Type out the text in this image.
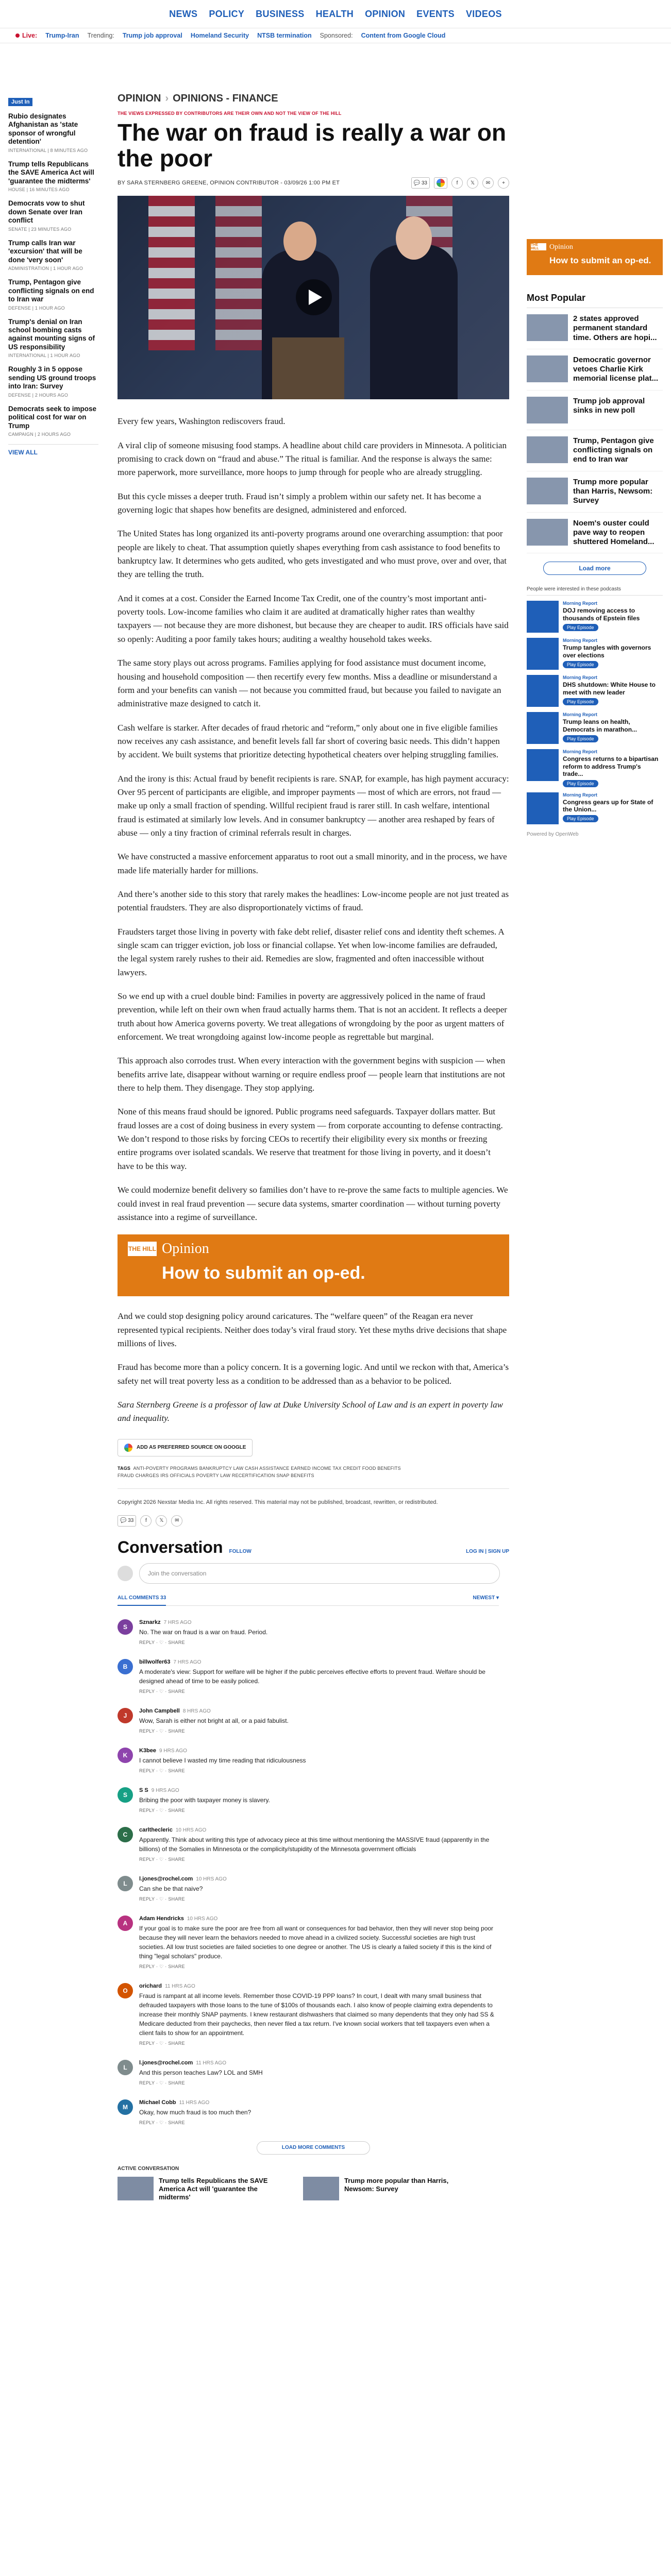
NEWS POLICY BUSINESS HEALTH OPINION EVENTS VIDEOS
Live: Trump-Iran Trending: Trump job approval Homeland Security NTSB termination Sponsored: Content from Google Cloud
Just In
Rubio designates Afghanistan as 'state sponsor of wrongful detention'
INTERNATIONAL | 8 MINUTES AGO
Trump tells Republicans the SAVE America Act will 'guarantee the midterms'
HOUSE | 16 MINUTES AGO
Democrats vow to shut down Senate over Iran conflict
SENATE | 23 MINUTES AGO
Trump calls Iran war 'excursion' that will be done 'very soon'
ADMINISTRATION | 1 HOUR AGO
Trump, Pentagon give conflicting signals on end to Iran war
DEFENSE | 1 HOUR AGO
Trump's denial on Iran school bombing casts against mounting signs of US responsibility
INTERNATIONAL | 1 HOUR AGO
Roughly 3 in 5 oppose sending US ground troops into Iran: Survey
DEFENSE | 2 HOURS AGO
Democrats seek to impose political cost for war on Trump
CAMPAIGN | 2 HOURS AGO
VIEW ALL
OPINION › OPINIONS - FINANCE
THE VIEWS EXPRESSED BY CONTRIBUTORS ARE THEIR OWN AND NOT THE VIEW OF THE HILL
The war on fraud is really a war on the poor
BY SARA STERNBERG GREENE, OPINION CONTRIBUTOR - 03/09/26 1:00 PM ET	💬
33	f 𝕏 ✉ +

Every few years, Washington rediscovers fraud.

A viral clip of someone misusing food stamps. A headline about child care providers in Minnesota. A politician promising to crack down on “fraud and abuse.” The ritual is familiar. And the response is always the same: more paperwork, more surveillance, more hoops to jump through for people who are already struggling.

But this cycle misses a deeper truth. Fraud isn’t simply a problem within our safety net. It has become a governing logic that shapes how benefits are designed, administered and enforced.

The United States has long organized its anti-poverty programs around one overarching assumption: that poor people are likely to cheat. That assumption quietly shapes everything from cash assistance to food benefits to bankruptcy law. It determines who gets audited, who gets investigated and who must prove, over and over, that they are telling the truth.

And it comes at a cost. Consider the Earned Income Tax Credit, one of the country’s most important anti-poverty tools. Low-income families who claim it are audited at dramatically higher rates than wealthy taxpayers — not because they are more dishonest, but because they are cheaper to audit. IRS officials have said so openly: Auditing a poor family takes hours; auditing a wealthy household takes weeks.

The same story plays out across programs. Families applying for food assistance must document income, housing and household composition — then recertify every few months. Miss a deadline or misunderstand a form and your benefits can vanish — not because you committed fraud, but because you failed to navigate an administrative maze designed to catch it.

Cash welfare is starker. After decades of fraud rhetoric and “reform,” only about one in five eligible families now receives any cash assistance, and benefit levels fall far short of covering basic needs. This didn’t happen by accident. We built systems that prioritize detecting hypothetical cheaters over helping struggling families.

And the irony is this: Actual fraud by benefit recipients is rare. SNAP, for example, has high payment accuracy: Over 95 percent of participants are eligible, and improper payments — most of which are errors, not fraud — make up only a small fraction of spending. Willful recipient fraud is rarer still. In cash welfare, intentional fraud is estimated at similarly low levels. And in consumer bankruptcy — another area reshaped by fears of abuse — only a tiny fraction of criminal referrals result in charges.

We have constructed a massive enforcement apparatus to root out a small minority, and in the process, we have made life materially harder for millions.

And there’s another side to this story that rarely makes the headlines: Low-income people are not just treated as potential fraudsters. They are also disproportionately victims of fraud.

Fraudsters target those living in poverty with fake debt relief, disaster relief cons and identity theft schemes. A single scam can trigger eviction, job loss or financial collapse. Yet when low-income families are defrauded, the legal system rarely rushes to their aid. Remedies are slow, fragmented and often inaccessible without lawyers.

So we end up with a cruel double bind: Families in poverty are aggressively policed in the name of fraud prevention, while left on their own when fraud actually harms them. That is not an accident. It reflects a deeper truth about how America governs poverty. We treat allegations of wrongdoing by the poor as urgent matters of enforcement. We treat wrongdoing against low-income people as regrettable but marginal.

This approach also corrodes trust. When every interaction with the government begins with suspicion — when benefits arrive late, disappear without warning or require endless proof — people learn that institutions are not there to help them. They disengage. They stop applying.

None of this means fraud should be ignored. Public programs need safeguards. Taxpayer dollars matter. But fraud losses are a cost of doing business in every system — from corporate accounting to defense contracting. We don’t respond to those risks by forcing CEOs to recertify their eligibility every six months or freezing entire programs over isolated scandals. We reserve that treatment for those living in poverty, and it doesn’t have to be this way.

We could modernize benefit delivery so families don’t have to re-prove the same facts to multiple agencies. We could invest in real fraud prevention — secure data systems, smarter coordination — without turning poverty assistance into a regime of surveillance.

THE HILL Opinion
How to submit an op-ed.

And we could stop designing policy around caricatures. The “welfare queen” of the Reagan era never represented typical recipients. Neither does today’s viral fraud story. Yet these myths drive decisions that shape millions of lives.

Fraud has become more than a policy concern. It is a governing logic. And until we reckon with that, America’s safety net will treat poverty less as a condition to be addressed than as a behavior to be policed.

Sara Sternberg Greene is a professor of law at Duke University School of Law and is an expert in poverty law and inequality.

ADD AS PREFERRED SOURCE ON GOOGLE
TAGS ANTI-POVERTY PROGRAMS BANKRUPTCY LAW CASH ASSISTANCE EARNED INCOME TAX CREDIT FOOD BENEFITS FRAUD CHARGES IRS OFFICIALS POVERTY LAW RECERTIFICATION SNAP BENEFITS
Copyright 2026 Nexstar Media Inc. All rights reserved. This material may not be published, broadcast, rewritten, or redistributed.
💬
33 f 𝕏 ✉
Conversation FOLLOW	LOG IN | SIGN UP
Join the conversation
ALL COMMENTS 33	NEWEST ▾
S
Sznarkz 7 HRS AGO
No. The war on fraud is a war on fraud. Period.
REPLY · ♡ · SHARE
B
billwolfer63 7 HRS AGO
A moderate's view: Support for welfare will be higher if the public perceives effective efforts to prevent fraud. Welfare should be designed ahead of time to be easily policed.
REPLY · ♡ · SHARE
J
John Campbell 8 HRS AGO
Wow, Sarah is either not bright at all, or a paid fabulist.
REPLY · ♡ · SHARE
K
K3bee 9 HRS AGO
I cannot believe I wasted my time reading that ridiculousness
REPLY · ♡ · SHARE
S
S S 9 HRS AGO
Bribing the poor with taxpayer money is slavery.
REPLY · ♡ · SHARE
C
carlthecleric 10 HRS AGO
Apparently. Think about writing this type of advocacy piece at this time without mentioning the MASSIVE fraud (apparently in the billions) of the Somalies in Minnesota or the complicity/stupidity of the Minnesota government officials
REPLY · ♡ · SHARE
L
l.jones@rochel.com 10 HRS AGO
Can she be that naive?
REPLY · ♡ · SHARE
A
Adam Hendricks 10 HRS AGO
If your goal is to make sure the poor are free from all want or consequences for bad behavior, then they will never stop being poor because they will never learn the behaviors needed to move ahead in a civilized society. Successful societies are high trust societies. All low trust societies are failed societies to one degree or another. The US is clearly a failed society if this is the kind of thing "legal scholars" produce.
REPLY · ♡ · SHARE
O
orichard 11 HRS AGO
Fraud is rampant at all income levels. Remember those COVID-19 PPP loans? In court, I dealt with many small business that defrauded taxpayers with those loans to the tune of $100s of thousands each. I also know of people claiming extra dependents to increase their monthly SNAP payments. I knew restaurant dishwashers that claimed so many dependents that they only had SS & Medicare deducted from their paychecks, then never filed a tax return. I've known social workers that tell taxpayers even when a client fails to show for an appointment.
REPLY · ♡ · SHARE
L
l.jones@rochel.com 11 HRS AGO
And this person teaches Law? LOL and SMH
REPLY · ♡ · SHARE
M
Michael Cobb 11 HRS AGO
Okay, how much fraud is too much then?
REPLY · ♡ · SHARE
LOAD MORE COMMENTS
ACTIVE CONVERSATION
Trump tells Republicans the SAVE America Act will 'guarantee the midterms'
Trump more popular than Harris, Newsom: Survey
THE HILL	Opinion
How to submit an op-ed.
Most Popular
2 states approved permanent standard time. Others are hopi...
Democratic governor vetoes Charlie Kirk memorial license plat...
Trump job approval sinks in new poll
Trump, Pentagon give conflicting signals on end to Iran war
Trump more popular than Harris, Newsom: Survey
Noem's ouster could pave way to reopen shuttered Homeland...
Load more
People were interested in these podcasts
Morning Report
DOJ removing access to thousands of Epstein files
Play Episode
Morning Report
Trump tangles with governors over elections
Play Episode
Morning Report
DHS shutdown: White House to meet with new leader
Play Episode
Morning Report
Trump leans on health, Democrats in marathon...
Play Episode
Morning Report
Congress returns to a bipartisan reform to address Trump's trade...
Play Episode
Morning Report
Congress gears up for State of the Union...
Play Episode
Powered by OpenWeb
